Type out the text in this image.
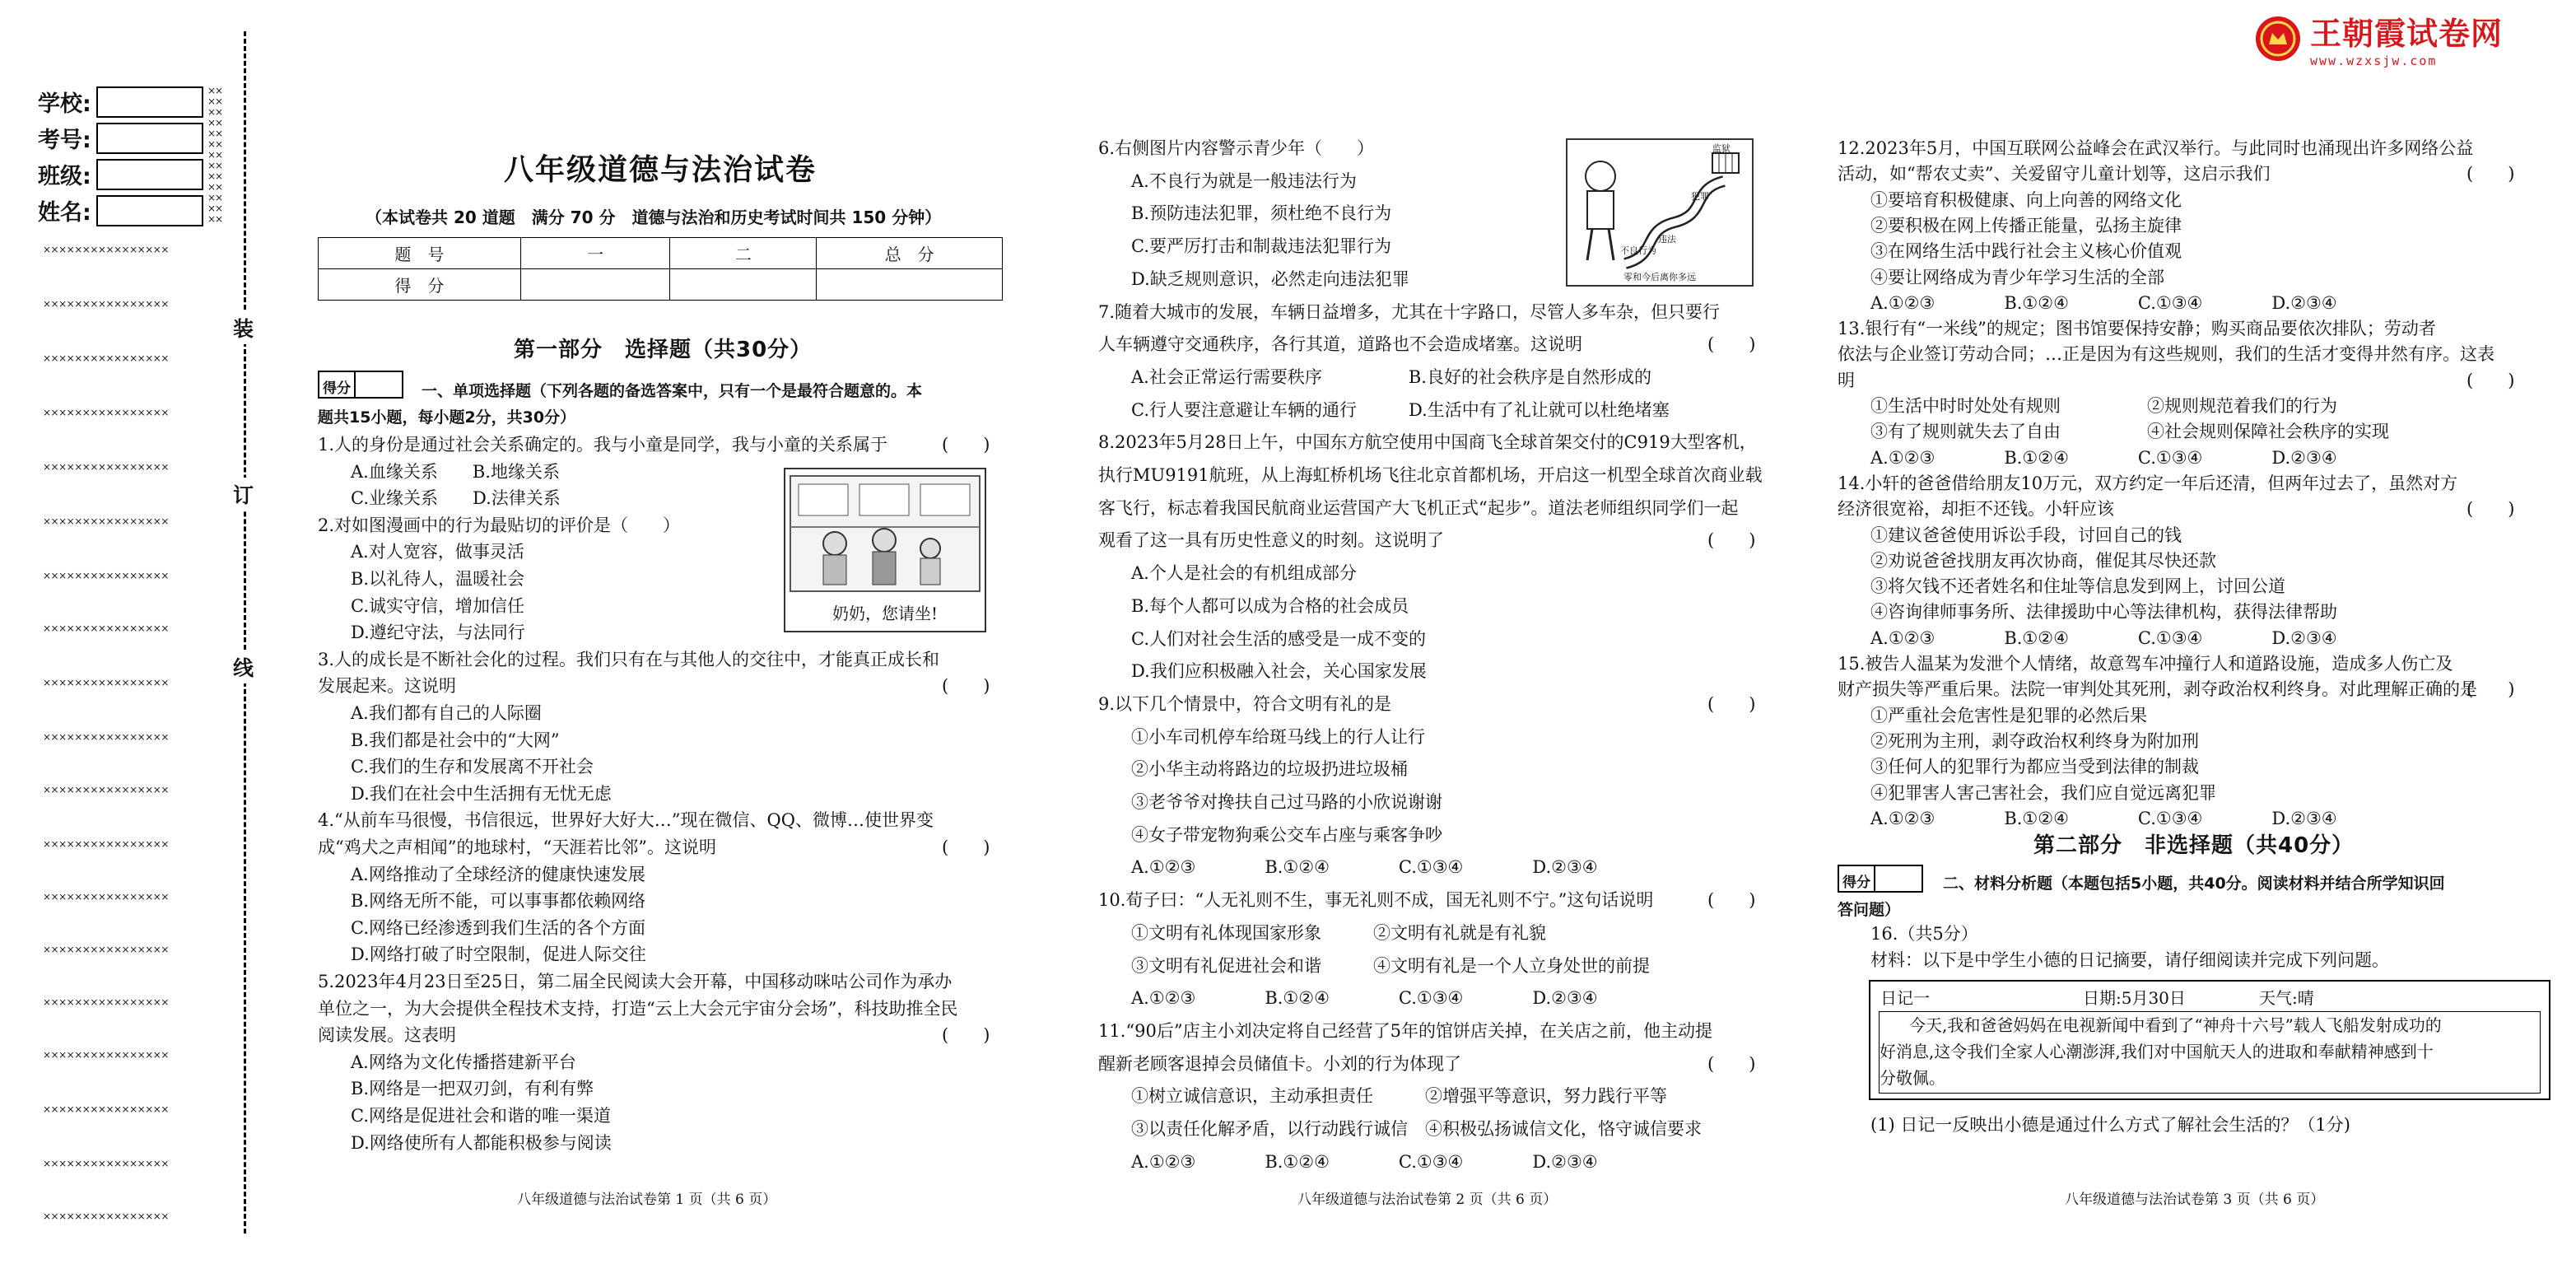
学校:
考号:
班级:
姓名:
××
××
××
××
××
××
××
××
××
××
××
××
××
××××××××××××××××
××××××××××××××××
××××××××××××××××
××××××××××××××××
××××××××××××××××
××××××××××××××××
××××××××××××××××
××××××××××××××××
××××××××××××××××
××××××××××××××××
××××××××××××××××
××××××××××××××××
××××××××××××××××
××××××××××××××××
××××××××××××××××
××××××××××××××××
××××××××××××××××
××××××××××××××××
××××××××××××××××
装
订
线
王朝霞试卷网
www.wzxsjw.com
八年级道德与法治试卷
（本试卷共 20 道题　满分 70 分　道德与法治和历史考试时间共 150 分钟）
题　号	一	二	总　分
得　分			
第一部分　选择题（共30分）
得分	一、单项选择题（下列各题的备选答案中，只有一个是最符合题意的。本
题共15小题，每小题2分，共30分）
1.人的身份是通过社会关系确定的。我与小童是同学，我与小童的关系属于	(　　)
A.血缘关系　　B.地缘关系
C.业缘关系　　D.法律关系
2.对如图漫画中的行为最贴切的评价是（　　）
A.对人宽容，做事灵活
B.以礼待人，温暖社会
C.诚实守信，增加信任
D.遵纪守法，与法同行
3.人的成长是不断社会化的过程。我们只有在与其他人的交往中，才能真正成长和
发展起来。这说明	(　　)
A.我们都有自己的人际圈
B.我们都是社会中的“大网”
C.我们的生存和发展离不开社会
D.我们在社会中生活拥有无忧无虑
4.“从前车马很慢，书信很远，世界好大好大…”现在微信、QQ、微博…使世界变
成“鸡犬之声相闻”的地球村，“天涯若比邻”。这说明	(　　)
A.网络推动了全球经济的健康快速发展
B.网络无所不能，可以事事都依赖网络
C.网络已经渗透到我们生活的各个方面
D.网络打破了时空限制，促进人际交往
5.2023年4月23日至25日，第二届全民阅读大会开幕，中国移动咪咕公司作为承办
单位之一，为大会提供全程技术支持，打造“云上大会元宇宙分会场”，科技助推全民
阅读发展。这表明	(　　)
A.网络为文化传播搭建新平台
B.网络是一把双刃剑，有利有弊
C.网络是促进社会和谐的唯一渠道
D.网络使所有人都能积极参与阅读
奶奶，您请坐!
八年级道德与法治试卷第 1 页（共 6 页）
6.右侧图片内容警示青少年（　　）
A.不良行为就是一般违法行为
B.预防违法犯罪，须杜绝不良行为
C.要严厉打击和制裁违法犯罪行为
D.缺乏规则意识，必然走向违法犯罪
7.随着大城市的发展，车辆日益增多，尤其在十字路口，尽管人多车杂，但只要行
人车辆遵守交通秩序，各行其道，道路也不会造成堵塞。这说明	(　　)
A.社会正常运行需要秩序　　　　　B.良好的社会秩序是自然形成的
C.行人要注意避让车辆的通行　　　D.生活中有了礼让就可以杜绝堵塞
8.2023年5月28日上午，中国东方航空使用中国商飞全球首架交付的C919大型客机，
执行MU9191航班，从上海虹桥机场飞往北京首都机场，开启这一机型全球首次商业载
客飞行，标志着我国民航商业运营国产大飞机正式“起步”。道法老师组织同学们一起
观看了这一具有历史性意义的时刻。这说明了	(　　)
A.个人是社会的有机组成部分
B.每个人都可以成为合格的社会成员
C.人们对社会生活的感受是一成不变的
D.我们应积极融入社会，关心国家发展
9.以下几个情景中，符合文明有礼的是	(　　)
①小车司机停车给斑马线上的行人让行
②小华主动将路边的垃圾扔进垃圾桶
③老爷爷对搀扶自己过马路的小欣说谢谢
④女子带宠物狗乘公交车占座与乘客争吵
A.①②③　　　　B.①②④　　　　C.①③④　　　　D.②③④
10.荀子曰：“人无礼则不生，事无礼则不成，国无礼则不宁。”这句话说明	(　　)
①文明有礼体现国家形象　　　②文明有礼就是有礼貌
③文明有礼促进社会和谐　　　④文明有礼是一个人立身处世的前提
A.①②③　　　　B.①②④　　　　C.①③④　　　　D.②③④
11.“90后”店主小刘决定将自己经营了5年的馆饼店关掉，在关店之前，他主动提
醒新老顾客退掉会员储值卡。小刘的行为体现了	(　　)
①树立诚信意识，主动承担责任　　　②增强平等意识，努力践行平等
③以责任化解矛盾，以行动践行诚信　④积极弘扬诚信文化，恪守诚信要求
A.①②③　　　　B.①②④　　　　C.①③④　　　　D.②③④
监狱
犯罪
违法
不良行为
零和今后离你多远
八年级道德与法治试卷第 2 页（共 6 页）
12.2023年5月，中国互联网公益峰会在武汉举行。与此同时也涌现出许多网络公益
活动，如“帮农丈卖”、关爱留守儿童计划等，这启示我们	(　　)
①要培育积极健康、向上向善的网络文化
②要积极在网上传播正能量，弘扬主旋律
③在网络生活中践行社会主义核心价值观
④要让网络成为青少年学习生活的全部
A.①②③　　　　B.①②④　　　　C.①③④　　　　D.②③④
13.银行有“一米线”的规定；图书馆要保持安静；购买商品要依次排队；劳动者
依法与企业签订劳动合同；…正是因为有这些规则，我们的生活才变得井然有序。这表
明	(　　)
①生活中时时处处有规则　　　　　②规则规范着我们的行为
③有了规则就失去了自由　　　　　④社会规则保障社会秩序的实现
A.①②③　　　　B.①②④　　　　C.①③④　　　　D.②③④
14.小轩的爸爸借给朋友10万元，双方约定一年后还清，但两年过去了，虽然对方
经济很宽裕，却拒不还钱。小轩应该	(　　)
①建议爸爸使用诉讼手段，讨回自己的钱
②劝说爸爸找朋友再次协商，催促其尽快还款
③将欠钱不还者姓名和住址等信息发到网上，讨回公道
④咨询律师事务所、法律援助中心等法律机构，获得法律帮助
A.①②③　　　　B.①②④　　　　C.①③④　　　　D.②③④
15.被告人温某为发泄个人情绪，故意驾车冲撞行人和道路设施，造成多人伤亡及
财产损失等严重后果。法院一审判处其死刑，剥夺政治权利终身。对此理解正确的是
(　　)
①严重社会危害性是犯罪的必然后果
②死刑为主刑，剥夺政治权利终身为附加刑
③任何人的犯罪行为都应当受到法律的制裁
④犯罪害人害己害社会，我们应自觉远离犯罪
A.①②③　　　　B.①②④　　　　C.①③④　　　　D.②③④
第二部分　非选择题（共40分）
得分	二、材料分析题（本题包括5小题，共40分。阅读材料并结合所学知识回
答问题）
16.（共5分）
材料：以下是中学生小德的日记摘要，请仔细阅读并完成下列问题。
日记一	日期:5月30日	天气:晴
今天,我和爸爸妈妈在电视新闻中看到了“神舟十六号”载人飞船发射成功的
好消息,这令我们全家人心潮澎湃,我们对中国航天人的进取和奉献精神感到十
分敬佩。
(1) 日记一反映出小德是通过什么方式了解社会生活的？（1分)
八年级道德与法治试卷第 3 页（共 6 页）
